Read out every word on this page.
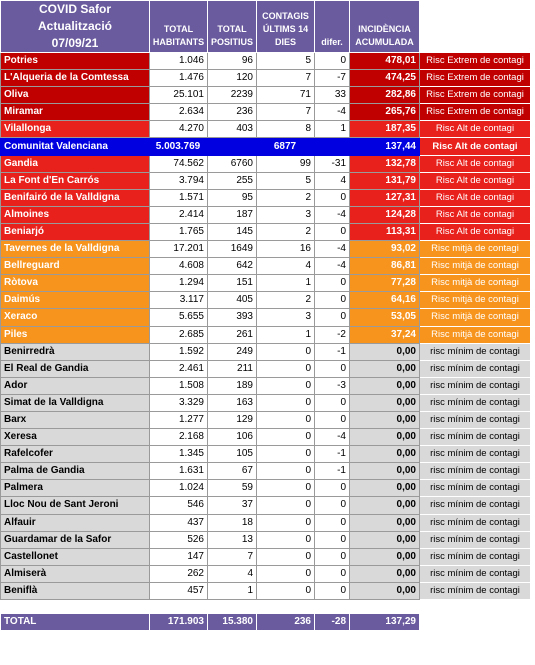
COVID Safor
Actualització
07/09/21	TOTAL HABITANTS	TOTAL POSITIUS	CONTAGIS ÚLTIMS 14 DIES	difer.	INCIDÈNCIA ACUMULADA	

Potries	1.046	96	5	0	478,01	Risc Extrem de contagi
L'Alqueria de la Comtessa	1.476	120	7	-7	474,25	Risc Extrem de contagi
Oliva	25.101	2239	71	33	282,86	Risc Extrem de contagi
Miramar	2.634	236	7	-4	265,76	Risc Extrem de contagi
Vilallonga	4.270	403	8	1	187,35	Risc Alt de contagi
Comunitat Valenciana	5.003.769		6877		137,44	Risc Alt de contagi
Gandia	74.562	6760	99	-31	132,78	Risc Alt de contagi
La Font d'En Carrós	3.794	255	5	4	131,79	Risc Alt de contagi
Benifairó de la Valldigna	1.571	95	2	0	127,31	Risc Alt de contagi
Almoines	2.414	187	3	-4	124,28	Risc Alt de contagi
Beniarjó	1.765	145	2	0	113,31	Risc Alt de contagi
Tavernes de la Valldigna	17.201	1649	16	-4	93,02	Risc mitjà de contagi
Bellreguard	4.608	642	4	-4	86,81	Risc mitjà de contagi
Ròtova	1.294	151	1	0	77,28	Risc mitjà de contagi
Daimús	3.117	405	2	0	64,16	Risc mitjà de contagi
Xeraco	5.655	393	3	0	53,05	Risc mitjà de contagi
Piles	2.685	261	1	-2	37,24	Risc mitjà de contagi
Benirredrà	1.592	249	0	-1	0,00	risc mínim de contagi
El Real de Gandia	2.461	211	0	0	0,00	risc mínim de contagi
Ador	1.508	189	0	-3	0,00	risc mínim de contagi
Simat de la Valldigna	3.329	163	0	0	0,00	risc mínim de contagi
Barx	1.277	129	0	0	0,00	risc mínim de contagi
Xeresa	2.168	106	0	-4	0,00	risc mínim de contagi
Rafelcofer	1.345	105	0	-1	0,00	risc mínim de contagi
Palma de Gandia	1.631	67	0	-1	0,00	risc mínim de contagi
Palmera	1.024	59	0	0	0,00	risc mínim de contagi
Lloc Nou de Sant Jeroni	546	37	0	0	0,00	risc mínim de contagi
Alfauir	437	18	0	0	0,00	risc mínim de contagi
Guardamar de la Safor	526	13	0	0	0,00	risc mínim de contagi
Castellonet	147	7	0	0	0,00	risc mínim de contagi
Almiserà	262	4	0	0	0,00	risc mínim de contagi
Beniflà	457	1	0	0	0,00	risc mínim de contagi
TOTAL	171.903	15.380	236	-28	137,29
